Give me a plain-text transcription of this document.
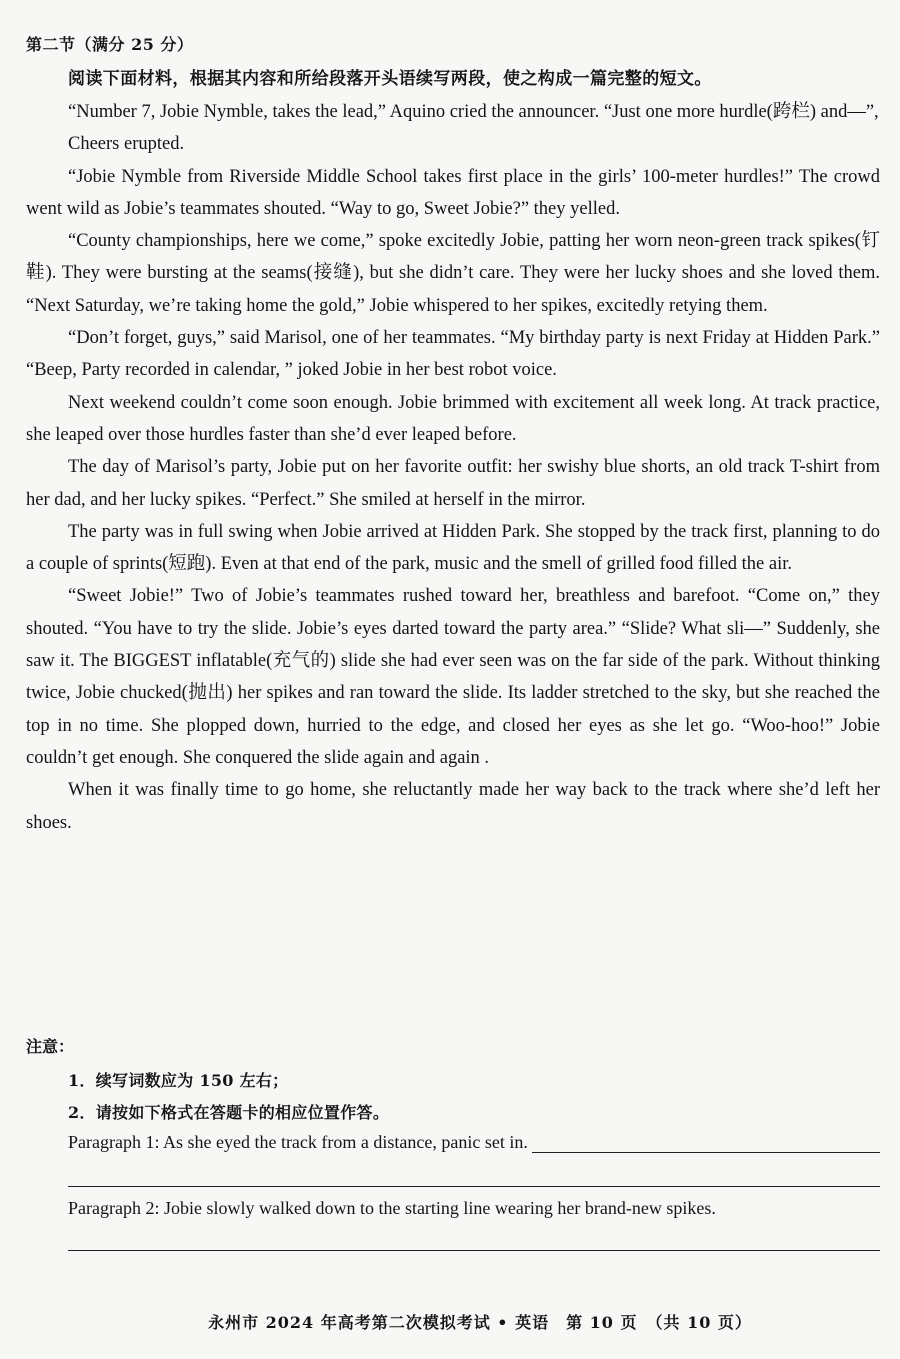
第二节（满分 25 分）
阅读下面材料，根据其内容和所给段落开头语续写两段，使之构成一篇完整的短文。

“Number 7, Jobie Nymble, takes the lead,” Aquino cried the announcer. “Just one more hurdle(跨栏) and—”,

Cheers erupted.

“Jobie Nymble from Riverside Middle School takes first place in the girls’ 100-meter hurdles!” The crowd went wild as Jobie’s teammates shouted. “Way to go, Sweet Jobie?” they yelled.

“County championships, here we come,” spoke excitedly Jobie, patting her worn neon-green track spikes(钉鞋). They were bursting at the seams(接缝), but she didn’t care. They were her lucky shoes and she loved them. “Next Saturday, we’re taking home the gold,” Jobie whispered to her spikes, excitedly retying them.

“Don’t forget, guys,” said Marisol, one of her teammates. “My birthday party is next Friday at Hidden Park.” “Beep, Party recorded in calendar, ” joked Jobie in her best robot voice.

Next weekend couldn’t come soon enough. Jobie brimmed with excitement all week long. At track practice, she leaped over those hurdles faster than she’d ever leaped before.

The day of Marisol’s party, Jobie put on her favorite outfit: her swishy blue shorts, an old track T-shirt from her dad, and her lucky spikes. “Perfect.” She smiled at herself in the mirror.

The party was in full swing when Jobie arrived at Hidden Park. She stopped by the track first, planning to do a couple of sprints(短跑). Even at that end of the park, music and the smell of grilled food filled the air.

“Sweet Jobie!” Two of Jobie’s teammates rushed toward her, breathless and barefoot. “Come on,” they shouted. “You have to try the slide. Jobie’s eyes darted toward the party area.” “Slide? What sli—” Suddenly, she saw it. The BIGGEST inflatable(充气的) slide she had ever seen was on the far side of the park. Without thinking twice, Jobie chucked(抛出) her spikes and ran toward the slide. Its ladder stretched to the sky, but she reached the top in no time. She plopped down, hurried to the edge, and closed her eyes as she let go. “Woo-hoo!” Jobie couldn’t get enough. She conquered the slide again and again .

When it was finally time to go home, she reluctantly made her way back to the track where she’d left her shoes.

注意：
1．续写词数应为 150 左右；
2．请按如下格式在答题卡的相应位置作答。
Paragraph 1: As she eyed the track from a distance, panic set in.
Paragraph 2: Jobie slowly walked down to the starting line wearing her brand-new spikes.
永州市 2024 年高考第二次模拟考试 • 英语　第 10 页　（共 10 页）
